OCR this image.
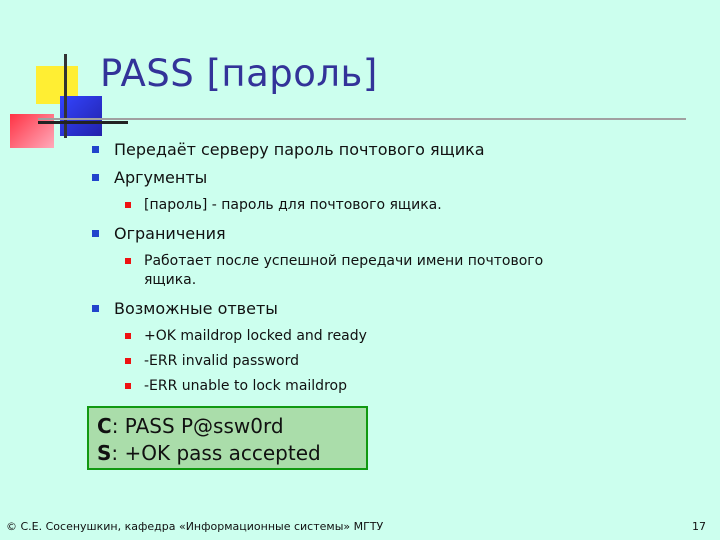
PASS [пароль]
Передаёт серверу пароль почтового ящика
Аргументы
[пароль] - пароль для почтового ящика.
Ограничения
Работает после успешной передачи имени почтового
ящика.
Возможные ответы
+OK maildrop locked and ready
-ERR invalid password
-ERR unable to lock maildrop
C: PASS P@ssw0rd
S: +OK pass accepted
© С.Е. Сосенушкин, кафедра «Информационные системы» МГТУ	17
